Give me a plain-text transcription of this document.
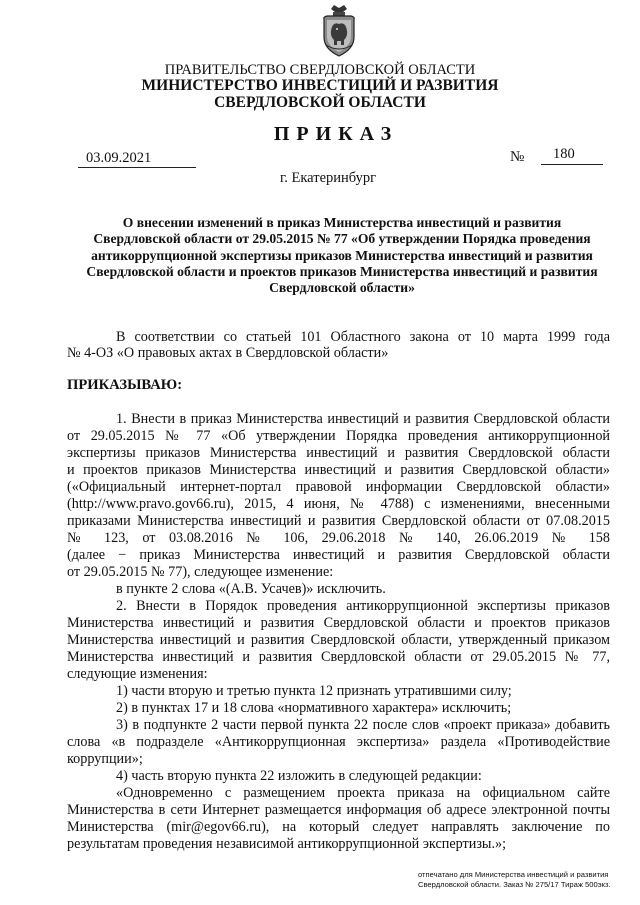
ПРАВИТЕЛЬСТВО СВЕРДЛОВСКОЙ ОБЛАСТИ
МИНИСТЕРСТВО ИНВЕСТИЦИЙ И РАЗВИТИЯ
СВЕРДЛОВСКОЙ ОБЛАСТИ
ПРИКАЗ
03.09.2021	№ 180
г. Екатеринбург
О внесении изменений в приказ Министерства инвестиций и развития
Свердловской области от 29.05.2015 № 77 «Об утверждении Порядка проведения
антикоррупционной экспертизы приказов Министерства инвестиций и развития
Свердловской области и проектов приказов Министерства инвестиций и развития
Свердловской области»
В соответствии со статьей 101 Областного закона от 10 марта 1999 года
№ 4-ОЗ «О правовых актах в Свердловской области»
ПРИКАЗЫВАЮ:
1. Внести в приказ Министерства инвестиций и развития Свердловской области
от 29.05.2015 № 77 «Об утверждении Порядка проведения антикоррупционной
экспертизы приказов Министерства инвестиций и развития Свердловской области
и проектов приказов Министерства инвестиций и развития Свердловской области»
(«Официальный интернет-портал правовой информации Свердловской области»
(http://www.pravo.gov66.ru), 2015, 4 июня, № 4788) с изменениями, внесенными
приказами Министерства инвестиций и развития Свердловской области от 07.08.2015
№ 123, от 03.08.2016 № 106, 29.06.2018 № 140, 26.06.2019 № 158
(далее − приказ Министерства инвестиций и развития Свердловской области
от 29.05.2015 № 77), следующее изменение:
в пункте 2 слова «(А.В. Усачев)» исключить.
2. Внести в Порядок проведения антикоррупционной экспертизы приказов
Министерства инвестиций и развития Свердловской области и проектов приказов
Министерства инвестиций и развития Свердловской области, утвержденный приказом
Министерства инвестиций и развития Свердловской области от 29.05.2015 № 77,
следующие изменения:
1) части вторую и третью пункта 12 признать утратившими силу;
2) в пунктах 17 и 18 слова «нормативного характера» исключить;
3) в подпункте 2 части первой пункта 22 после слов «проект приказа» добавить
слова «в подразделе «Антикоррупционная экспертиза» раздела «Противодействие
коррупции»;
4) часть вторую пункта 22 изложить в следующей редакции:
«Одновременно с размещением проекта приказа на официальном сайте
Министерства в сети Интернет размещается информация об адресе электронной почты
Министерства (mir@egov66.ru), на который следует направлять заключение по
результатам проведения независимой антикоррупционной экспертизы.»;
отпечатано для Министерства инвестиций и развития
Свердловской области. Заказ № 275/17 Тираж 500экз.
